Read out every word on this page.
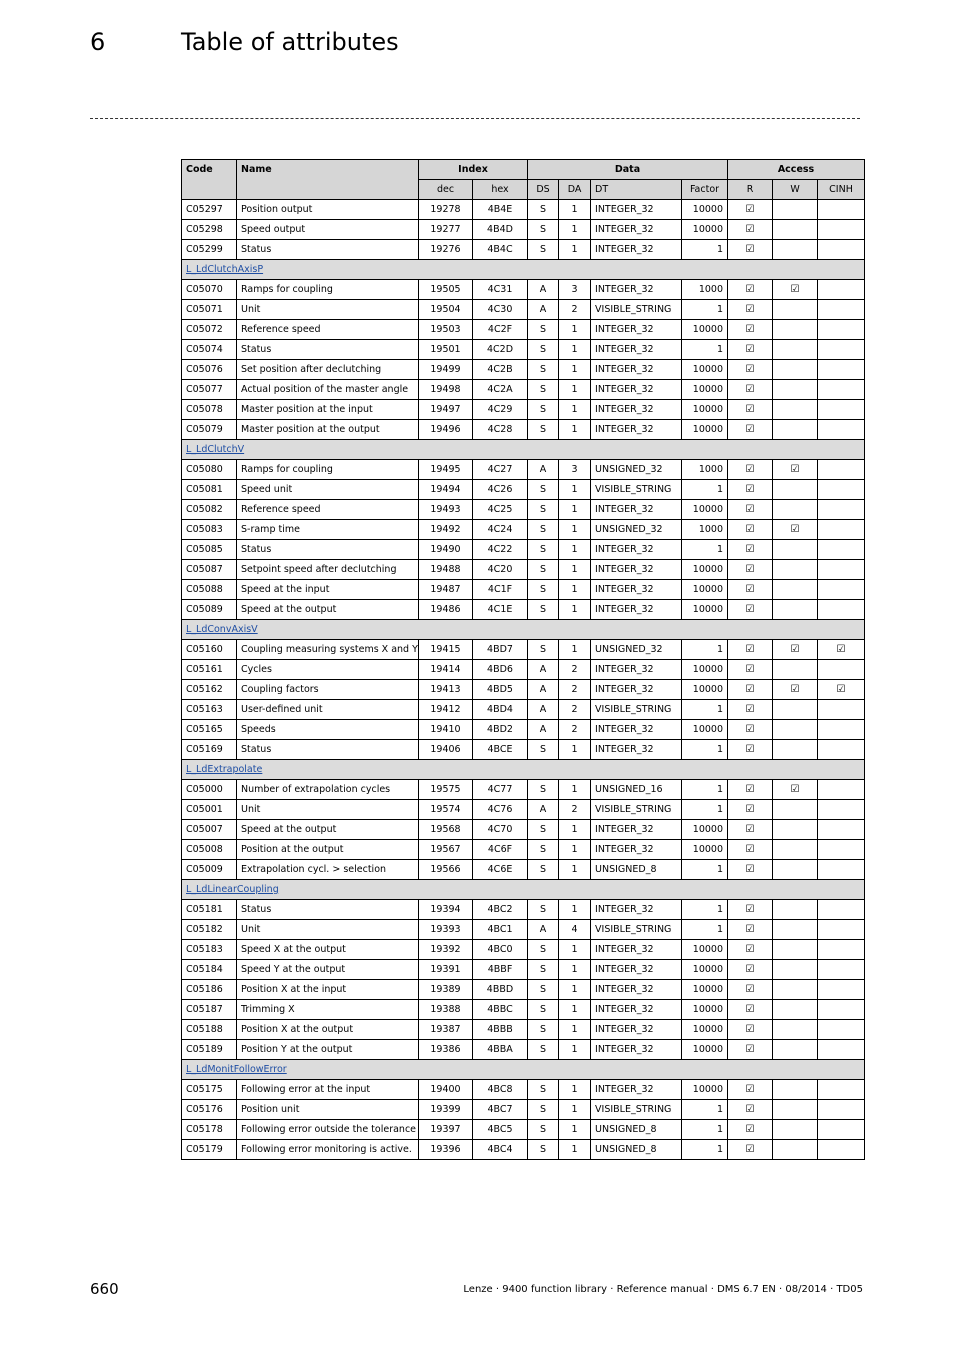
6	Table of attributes
Code	Name	Index		Data				Access		
		dec	hex	DS	DA	DT	Factor	R	W	CINH
C05297	Position output	19278	4B4E	S	1	INTEGER_32	10000	☑		
C05298	Speed output	19277	4B4D	S	1	INTEGER_32	10000	☑		
C05299	Status	19276	4B4C	S	1	INTEGER_32	1	☑		
L_LdClutchAxisP										
C05070	Ramps for coupling	19505	4C31	A	3	INTEGER_32	1000	☑	☑	
C05071	Unit	19504	4C30	A	2	VISIBLE_STRING	1	☑		
C05072	Reference speed	19503	4C2F	S	1	INTEGER_32	10000	☑		
C05074	Status	19501	4C2D	S	1	INTEGER_32	1	☑		
C05076	Set position after declutching	19499	4C2B	S	1	INTEGER_32	10000	☑		
C05077	Actual position of the master angle	19498	4C2A	S	1	INTEGER_32	10000	☑		
C05078	Master position at the input	19497	4C29	S	1	INTEGER_32	10000	☑		
C05079	Master position at the output	19496	4C28	S	1	INTEGER_32	10000	☑		
L_LdClutchV										
C05080	Ramps for coupling	19495	4C27	A	3	UNSIGNED_32	1000	☑	☑	
C05081	Speed unit	19494	4C26	S	1	VISIBLE_STRING	1	☑		
C05082	Reference speed	19493	4C25	S	1	INTEGER_32	10000	☑		
C05083	S-ramp time	19492	4C24	S	1	UNSIGNED_32	1000	☑	☑	
C05085	Status	19490	4C22	S	1	INTEGER_32	1	☑		
C05087	Setpoint speed after declutching	19488	4C20	S	1	INTEGER_32	10000	☑		
C05088	Speed at the input	19487	4C1F	S	1	INTEGER_32	10000	☑		
C05089	Speed at the output	19486	4C1E	S	1	INTEGER_32	10000	☑		
L_LdConvAxisV										
C05160	Coupling measuring systems X and Y	19415	4BD7	S	1	UNSIGNED_32	1	☑	☑	☑
C05161	Cycles	19414	4BD6	A	2	INTEGER_32	10000	☑		
C05162	Coupling factors	19413	4BD5	A	2	INTEGER_32	10000	☑	☑	☑
C05163	User-defined unit	19412	4BD4	A	2	VISIBLE_STRING	1	☑		
C05165	Speeds	19410	4BD2	A	2	INTEGER_32	10000	☑		
C05169	Status	19406	4BCE	S	1	INTEGER_32	1	☑		
L_LdExtrapolate										
C05000	Number of extrapolation cycles	19575	4C77	S	1	UNSIGNED_16	1	☑	☑	
C05001	Unit	19574	4C76	A	2	VISIBLE_STRING	1	☑		
C05007	Speed at the output	19568	4C70	S	1	INTEGER_32	10000	☑		
C05008	Position at the output	19567	4C6F	S	1	INTEGER_32	10000	☑		
C05009	Extrapolation cycl. > selection	19566	4C6E	S	1	UNSIGNED_8	1	☑		
L_LdLinearCoupling										
C05181	Status	19394	4BC2	S	1	INTEGER_32	1	☑		
C05182	Unit	19393	4BC1	A	4	VISIBLE_STRING	1	☑		
C05183	Speed X at the output	19392	4BC0	S	1	INTEGER_32	10000	☑		
C05184	Speed Y at the output	19391	4BBF	S	1	INTEGER_32	10000	☑		
C05186	Position X at the input	19389	4BBD	S	1	INTEGER_32	10000	☑		
C05187	Trimming X	19388	4BBC	S	1	INTEGER_32	10000	☑		
C05188	Position X at the output	19387	4BBB	S	1	INTEGER_32	10000	☑		
C05189	Position Y at the output	19386	4BBA	S	1	INTEGER_32	10000	☑		
L_LdMonitFollowError										
C05175	Following error at the input	19400	4BC8	S	1	INTEGER_32	10000	☑		
C05176	Position unit	19399	4BC7	S	1	VISIBLE_STRING	1	☑		
C05178	Following error outside the tolerance	19397	4BC5	S	1	UNSIGNED_8	1	☑		
C05179	Following error monitoring is active.	19396	4BC4	S	1	UNSIGNED_8	1	☑		
660	Lenze · 9400 function library · Reference manual · DMS 6.7 EN · 08/2014 · TD05
